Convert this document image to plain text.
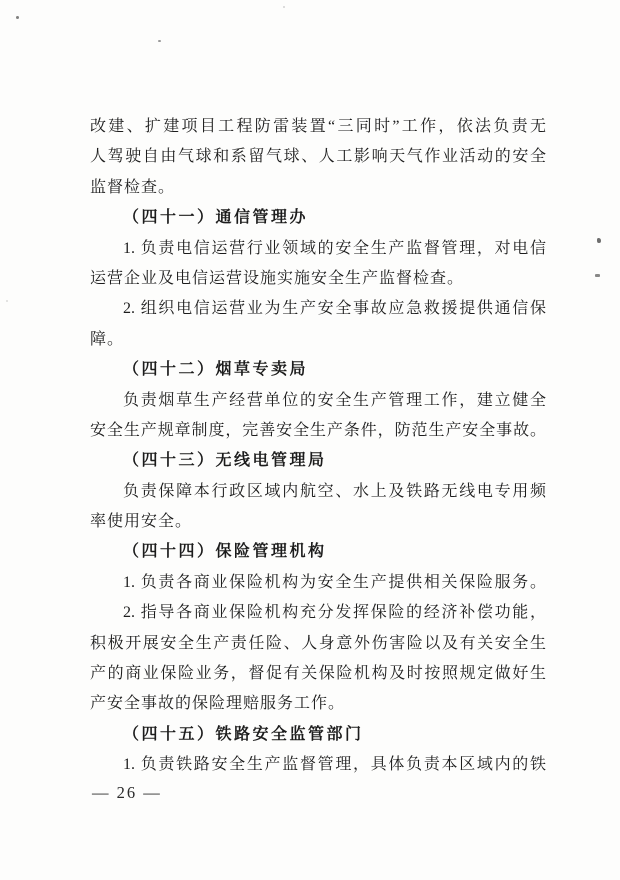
改建、扩建项目工程防雷装置“三同时”工作，依法负责无
人驾驶自由气球和系留气球、人工影响天气作业活动的安全
监督检查。
（四十一）通信管理办
1. 负责电信运营行业领域的安全生产监督管理，对电信
运营企业及电信运营设施实施安全生产监督检查。
2. 组织电信运营业为生产安全事故应急救援提供通信保
障。
（四十二）烟草专卖局
负责烟草生产经营单位的安全生产管理工作，建立健全
安全生产规章制度，完善安全生产条件，防范生产安全事故。
（四十三）无线电管理局
负责保障本行政区域内航空、水上及铁路无线电专用频
率使用安全。
（四十四）保险管理机构
1. 负责各商业保险机构为安全生产提供相关保险服务。
2. 指导各商业保险机构充分发挥保险的经济补偿功能，
积极开展安全生产责任险、人身意外伤害险以及有关安全生
产的商业保险业务，督促有关保险机构及时按照规定做好生
产安全事故的保险理赔服务工作。
（四十五）铁路安全监管部门
1. 负责铁路安全生产监督管理，具体负责本区域内的铁
— 26 —
